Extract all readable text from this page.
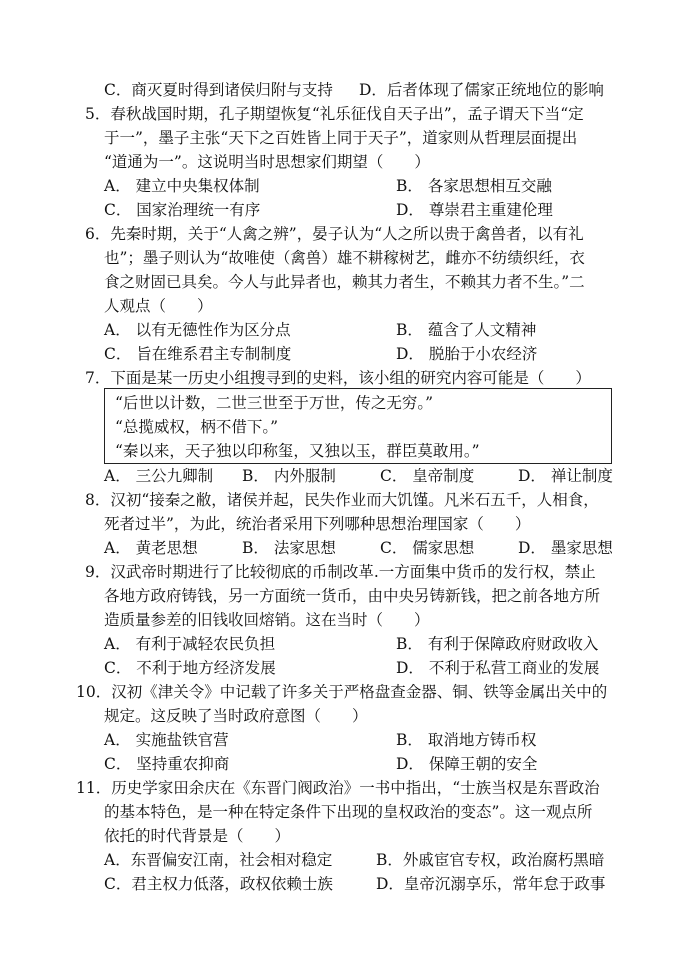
C．商灭夏时得到诸侯归附与支持 D．后者体现了儒家正统地位的影响
5．春秋战国时期，孔子期望恢复“礼乐征伐自天子出”，孟子谓天下当“定
于一”，墨子主张“天下之百姓皆上同于天子”，道家则从哲理层面提出
“道通为一”。这说明当时思想家们期望（　　）
A． 建立中央集权体制	B． 各家思想相互交融
C． 国家治理统一有序	D． 尊崇君主重建伦理
6．先秦时期，关于“人禽之辨”，晏子认为“人之所以贵于禽兽者，以有礼
也”；墨子则认为“故唯使（禽兽）雄不耕稼树艺，雌亦不纺绩织纴，衣
食之财固已具矣。今人与此异者也，赖其力者生，不赖其力者不生。”二
人观点（　　）
A． 以有无德性作为区分点	B． 蕴含了人文精神
C． 旨在维系君主专制制度	D． 脱胎于小农经济
7．下面是某一历史小组搜寻到的史料，该小组的研究内容可能是（　　）
“后世以计数，二世三世至于万世，传之无穷。”
“总揽威权，柄不借下。”
“秦以来，天子独以印称玺，又独以玉，群臣莫敢用。”
A． 三公九卿制 B． 内外服制	C． 皇帝制度	D． 禅让制度
8．汉初“接秦之敝，诸侯并起，民失作业而大饥馑。凡米石五千，人相食，
死者过半”，为此，统治者采用下列哪种思想治理国家（　　）
A． 黄老思想	B． 法家思想	C． 儒家思想	D． 墨家思想
9．汉武帝时期进行了比较彻底的币制改革.一方面集中货币的发行权，禁止
各地方政府铸钱，另一方面统一货币，由中央另铸新钱，把之前各地方所
造质量参差的旧钱收回熔销。这在当时（　　）
A． 有利于减轻农民负担	B． 有利于保障政府财政收入
C． 不利于地方经济发展	D． 不利于私营工商业的发展
10．汉初《津关令》中记载了许多关于严格盘查金器、铜、铁等金属出关中的
规定。这反映了当时政府意图（　　）
A． 实施盐铁官营	B． 取消地方铸币权
C． 坚持重农抑商	D． 保障王朝的安全
11．历史学家田余庆在《东晋门阀政治》一书中指出，“士族当权是东晋政治
的基本特色，是一种在特定条件下出现的皇权政治的变态”。这一观点所
依托的时代背景是（　　）
A．东晋偏安江南，社会相对稳定	B．外戚宦官专权，政治腐朽黑暗
C．君主权力低落，政权依赖士族	D．皇帝沉溺享乐，常年怠于政事
